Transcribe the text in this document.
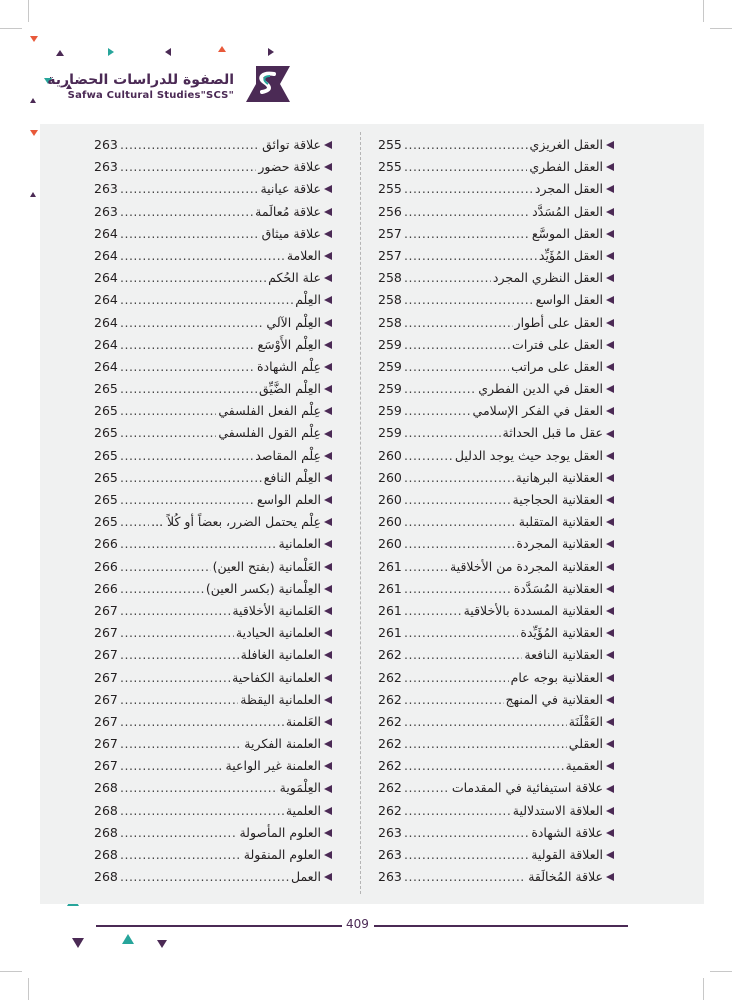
الصفوة للدراسات الحضارية
Safwa Cultural Studies"SCS"
العقل الغريزي
.....
255
العقل الفطري
.....
255
العقل المجرد
.....
255
العقل المُسَدَّد
.....
256
العقل الموسَّع
.....
257
العقل المُؤَيِّد
.....
257
العقل النظري المجرد
.....
258
العقل الواسع
.....
258
العقل على أطوار
.....
258
العقل على فترات
.....
259
العقل على مراتب
.....
259
العقل في الدين الفطري
.....
259
العقل في الفكر الإسلامي
.....
259
عقل ما قبل الحداثة
.....
259
العقل يوجد حيث يوجد الدليل
.....
260
العقلانية البرهانية
.....
260
العقلانية الحجاجية
.....
260
العقلانية المتقلبة
.....
260
العقلانية المجردة
.....
260
العقلانية المجردة من الأخلاقية
.....
261
العقلانية المُسَدَّدة
.....
261
العقلانية المسددة بالأخلاقية
.....
261
العقلانية المُؤَيِّدة
.....
261
العقلانية النافعة
.....
262
العقلانية بوجه عام
.....
262
العقلانية في المنهج
.....
262
العَقْلَنَة
.....
262
العقلي
.....
262
العقمية
.....
262
علاقة استيفائية في المقدمات
.....
262
العلاقة الاستدلالية
.....
262
علاقة الشهادة
.....
263
العلاقة القولية
.....
263
علاقة المُخالَقة
.....
263
علاقة توائق
.....
263
علاقة حضور
.....
263
علاقة عيانية
.....
263
علاقة مُعالَمة
.....
263
علاقة ميثاق
.....
264
العلامة
.....
264
علة الحُكم
.....
264
العِلْم
.....
264
العِلْم الآلي
.....
264
العِلْم الأَوْسَع
.....
264
عِلْم الشهادة
.....
264
العِلْم الضَّيِّق
.....
265
عِلْم الفعل الفلسفي
.....
265
عِلْم القول الفلسفي
.....
265
عِلْم المقاصد
.....
265
العِلْم النافع
.....
265
العلم الواسع
.....
265
عِلْم يحتمل الضرر، بعضاً أو كُلاً ...
.....
265
العلمانية
.....
266
العَلْمانية (بفتح العين)
.....
266
العِلْمانية (بكسر العين)
.....
266
العَلمانية الأخلاقية
.....
267
العلمانية الحيادية
.....
267
العلمانية الغافلة
.....
267
العلمانية الكفاحية
.....
267
العلمانية اليقظة
.....
267
العَلمنة
.....
267
العلمنة الفكرية
.....
267
العلمنة غير الواعية
.....
267
العِلْمَوية
.....
268
العلمية
.....
268
العلوم المأصولة
.....
268
العلوم المنقولة
.....
268
العمل
.....
268
409
